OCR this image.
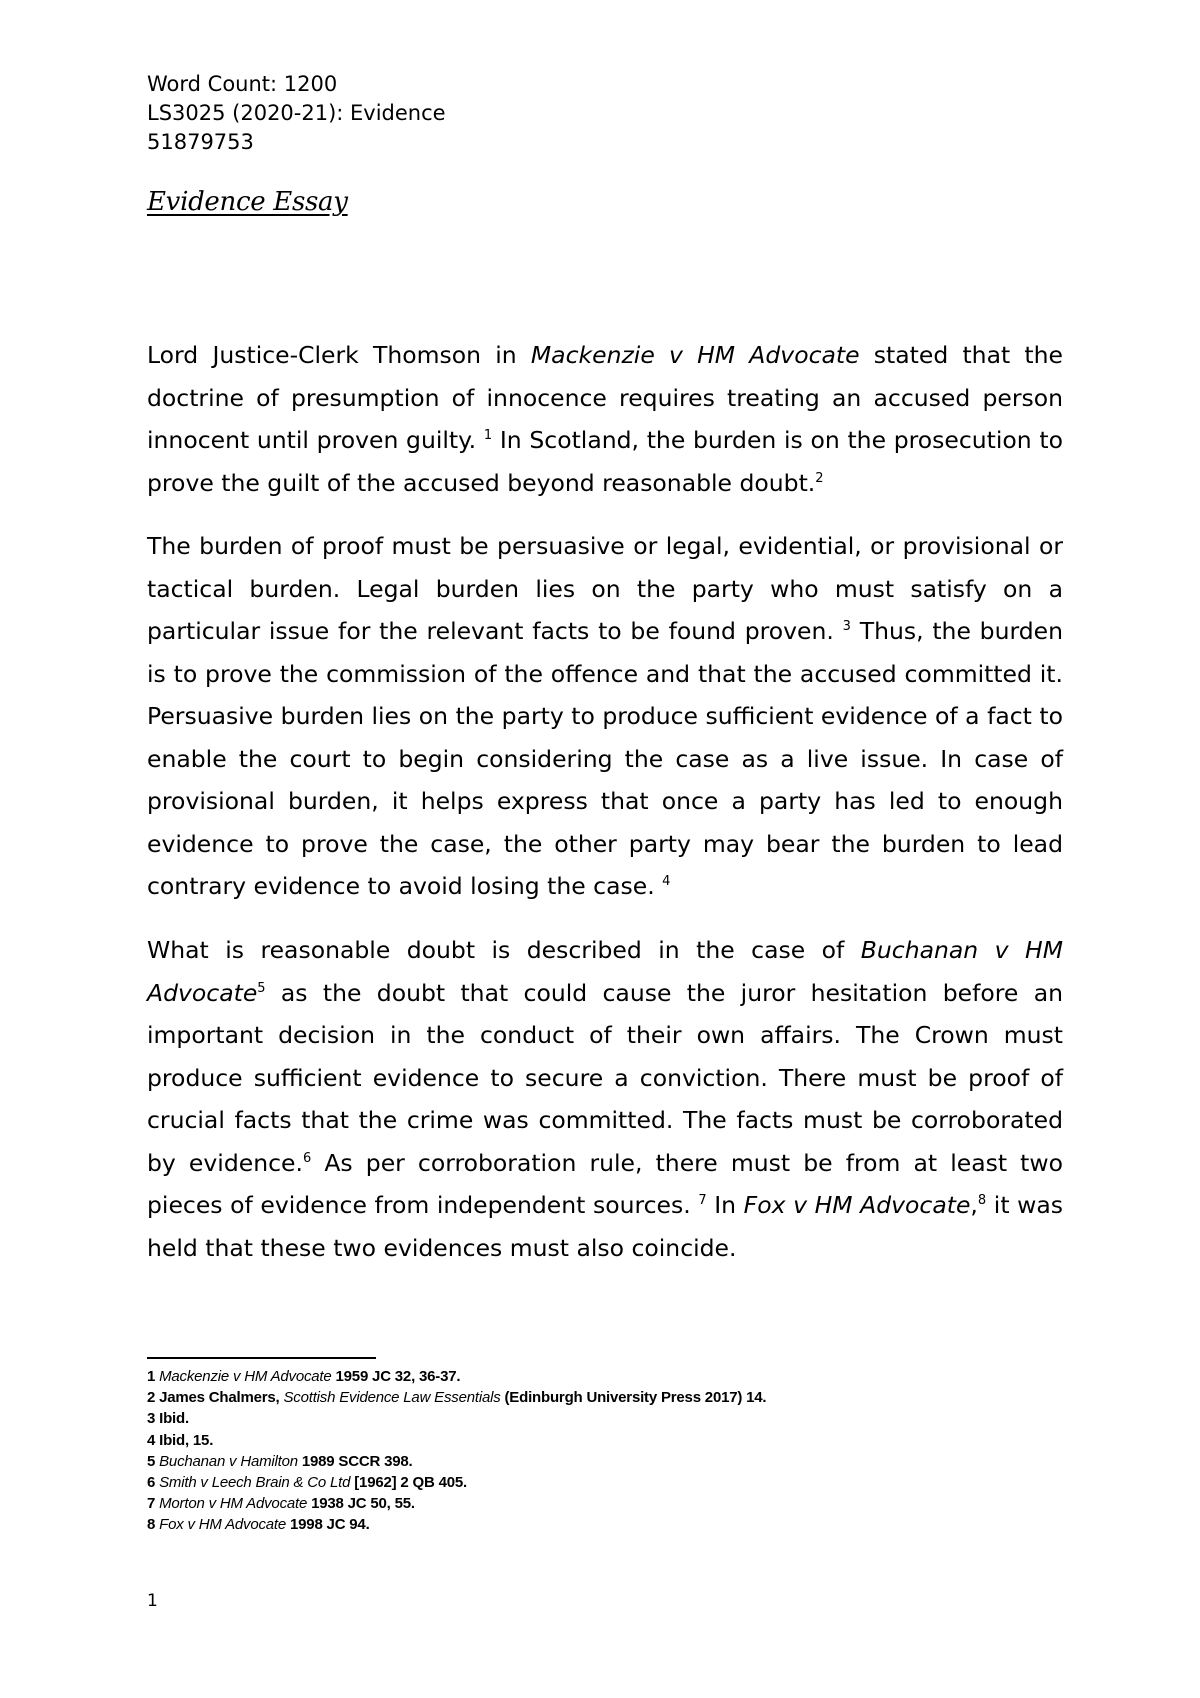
Word Count: 1200
LS3025 (2020-21): Evidence
51879753
Evidence Essay

Lord Justice-Clerk Thomson in Mackenzie v HM Advocate stated that the doctrine of presumption of innocence requires treating an accused person innocent until proven guilty. $^1$ In Scotland, the burden is on the prosecution to prove the guilt of the accused beyond reasonable doubt.$^2$

The burden of proof must be persuasive or legal, evidential, or provisional or tactical burden. Legal burden lies on the party who must satisfy on a particular issue for the relevant facts to be found proven. $^3$ Thus, the burden is to prove the commission of the offence and that the accused committed it. Persuasive burden lies on the party to produce sufficient evidence of a fact to enable the court to begin considering the case as a live issue. In case of provisional burden, it helps express that once a party has led to enough evidence to prove the case, the other party may bear the burden to lead contrary evidence to avoid losing the case. $^4$

What is reasonable doubt is described in the case of Buchanan v HM Advocate$^5$ as the doubt that could cause the juror hesitation before an important decision in the conduct of their own affairs. The Crown must produce sufficient evidence to secure a conviction. There must be proof of crucial facts that the crime was committed. The facts must be corroborated by evidence.$^6$ As per corroboration rule, there must be from at least two pieces of evidence from independent sources. $^7$ In Fox v HM Advocate,$^8$ it was held that these two evidences must also coincide.

1 Mackenzie v HM Advocate 1959 JC 32, 36-37.
2 James Chalmers, Scottish Evidence Law Essentials (Edinburgh University Press 2017) 14.
3 Ibid.
4 Ibid, 15.
5 Buchanan v Hamilton 1989 SCCR 398.
6 Smith v Leech Brain & Co Ltd [1962] 2 QB 405.
7 Morton v HM Advocate 1938 JC 50, 55.
8 Fox v HM Advocate 1998 JC 94.
1
